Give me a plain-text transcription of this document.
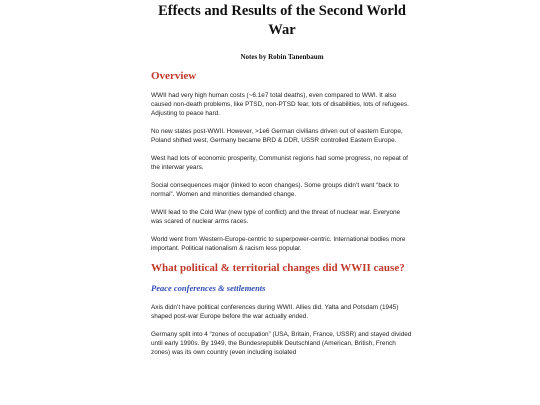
Effects and Results of the Second World War
Notes by Robin Tanenbaum
Overview

WWII had very high human costs (~6.1e7 total deaths), even compared to WWI. It also caused non-death problems, like PTSD, non-PTSD fear, lots of disabilities, lots of refugees. Adjusting to peace hard.

No new states post-WWII. However, >1e6 German civilians driven out of eastern Europe, Poland shifted west, Germany became BRD & DDR, USSR controlled Eastern Europe.

West had lots of economic prosperity, Communist regions had some progress, no repeat of the interwar years.

Social consequences major (linked to econ changes). Some groups didn’t want “back to normal”. Women and minorities demanded change.

WWII lead to the Cold War (new type of conflict) and the threat of nuclear war. Everyone was scared of nuclear arms races.

World went from Western-Europe-centric to superpower-centric. International bodies more important. Political nationalism & racism less popular.

What political & territorial changes did WWII cause?
Peace conferences & settlements

Axis didn’t have political conferences during WWII. Allies did. Yalta and Potsdam (1945) shaped post-war Europe before the war actually ended.

Germany split into 4 “zones of occupation” (USA, Britain, France, USSR) and stayed divided until early 1990s. By 1949, the Bundesrepublik Deutschland (American, British, French zones) was its own country (even including isolated
